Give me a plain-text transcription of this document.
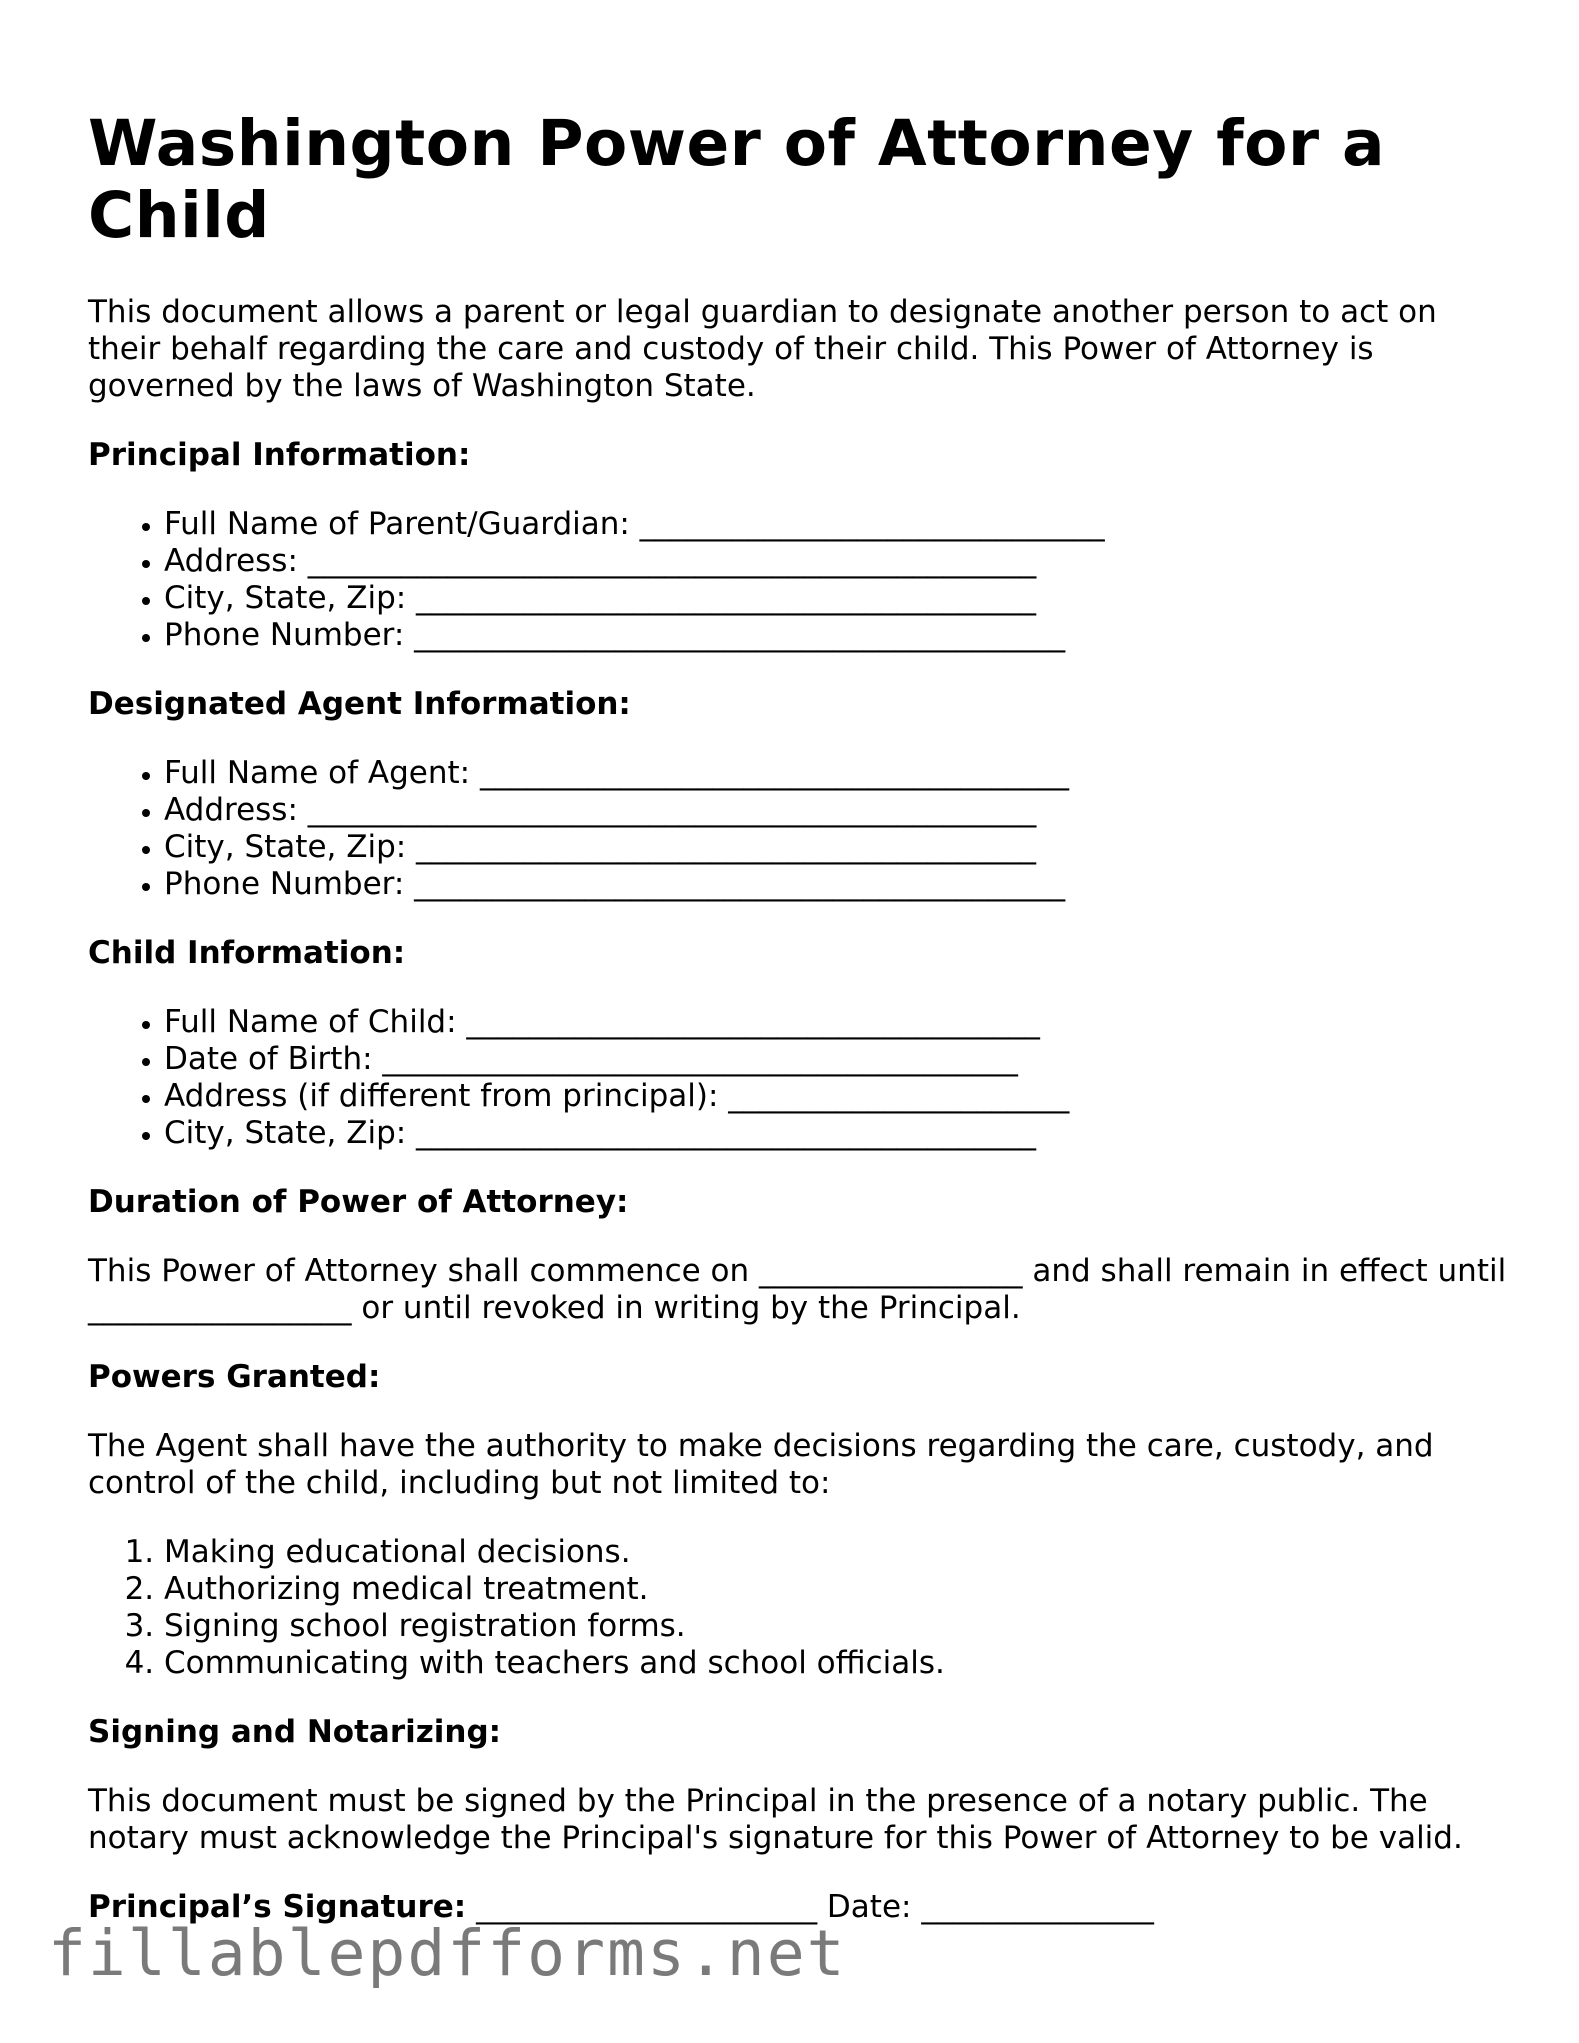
Washington Power of Attorney for a Child

This document allows a parent or legal guardian to designate another person to act on their behalf regarding the care and custody of their child. This Power of Attorney is governed by the laws of Washington State.

Principal Information:
• Full Name of Parent/Guardian: ______________________________
• Address: _______________________________________________
• City, State, Zip: ________________________________________
• Phone Number: __________________________________________
Designated Agent Information:
• Full Name of Agent: ______________________________________
• Address: _______________________________________________
• City, State, Zip: ________________________________________
• Phone Number: __________________________________________
Child Information:
• Full Name of Child: _____________________________________
• Date of Birth: _________________________________________
• Address (if different from principal): ______________________
• City, State, Zip: ________________________________________
Duration of Power of Attorney:

This Power of Attorney shall commence on _________________ and shall remain in effect until _________________ or until revoked in writing by the Principal.

Powers Granted:

The Agent shall have the authority to make decisions regarding the care, custody, and control of the child, including but not limited to:

1. Making educational decisions.
2. Authorizing medical treatment.
3. Signing school registration forms.
4. Communicating with teachers and school officials.
Signing and Notarizing:

This document must be signed by the Principal in the presence of a notary public. The notary must acknowledge the Principal's signature for this Power of Attorney to be valid.

Principal’s Signature: ______________________ Date: _______________
fillablepdfforms.net
